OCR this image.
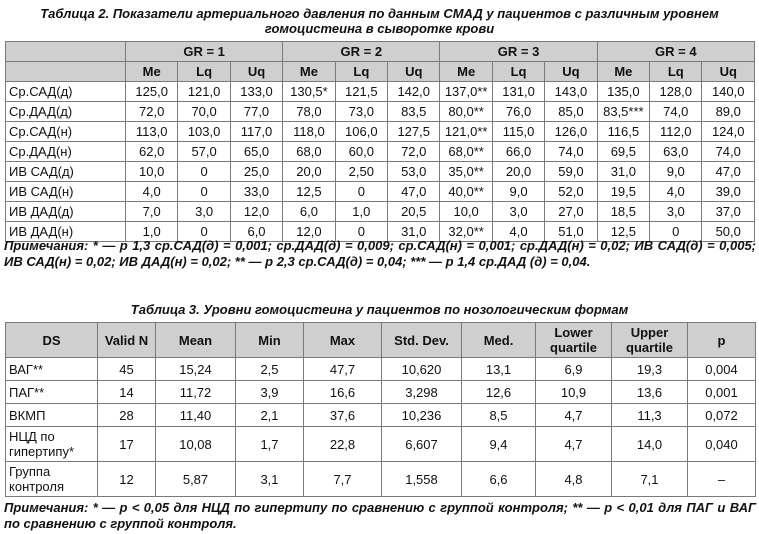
Таблица 2. Показатели артериального давления по данным СМАД у пациентов с различным уровнем гомоцистеина в сыворотке крови
	GR = 1			GR = 2			GR = 3			GR = 4		
	Me	Lq	Uq	Me	Lq	Uq	Me	Lq	Uq	Me	Lq	Uq
Ср.САД(д)	125,0	121,0	133,0	130,5*	121,5	142,0	137,0**	131,0	143,0	135,0	128,0	140,0
Ср.ДАД(д)	72,0	70,0	77,0	78,0	73,0	83,5	80,0**	76,0	85,0	83,5***	74,0	89,0
Ср.САД(н)	113,0	103,0	117,0	118,0	106,0	127,5	121,0**	115,0	126,0	116,5	112,0	124,0
Ср.ДАД(н)	62,0	57,0	65,0	68,0	60,0	72,0	68,0**	66,0	74,0	69,5	63,0	74,0
ИВ САД(д)	10,0	0	25,0	20,0	2,50	53,0	35,0**	20,0	59,0	31,0	9,0	47,0
ИВ САД(н)	4,0	0	33,0	12,5	0	47,0	40,0**	9,0	52,0	19,5	4,0	39,0
ИВ ДАД(д)	7,0	3,0	12,0	6,0	1,0	20,5	10,0	3,0	27,0	18,5	3,0	37,0
ИВ ДАД(н)	1,0	0	6,0	12,0	0	31,0	32,0**	4,0	51,0	12,5	0	50,0
Примечания: * — р 1,3 ср.САД(д) = 0,001; ср.ДАД(д) = 0,009; ср.САД(н) = 0,001; ср.ДАД(н) = 0,02; ИВ САД(д) = 0,005; ИВ САД(н) = 0,02; ИВ ДАД(н) = 0,02; ** — р 2,3 ср.САД(д) = 0,04; *** — р 1,4 ср.ДАД (д) = 0,04.
Таблица 3. Уровни гомоцистеина у пациентов по нозологическим формам
DS	Valid N	Mean	Min	Max	Std. Dev.	Med.	Lower quartile	Upper quartile	p
ВАГ**	45	15,24	2,5	47,7	10,620	13,1	6,9	19,3	0,004
ПАГ**	14	11,72	3,9	16,6	3,298	12,6	10,9	13,6	0,001
ВКМП	28	11,40	2,1	37,6	10,236	8,5	4,7	11,3	0,072
НЦД по гипертипу*	17	10,08	1,7	22,8	6,607	9,4	4,7	14,0	0,040
Группа контроля	12	5,87	3,1	7,7	1,558	6,6	4,8	7,1	–
Примечания: * — р < 0,05 для НЦД по гипертипу по сравнению с группой контроля; ** — р < 0,01 для ПАГ и ВАГ по сравнению с группой контроля.
